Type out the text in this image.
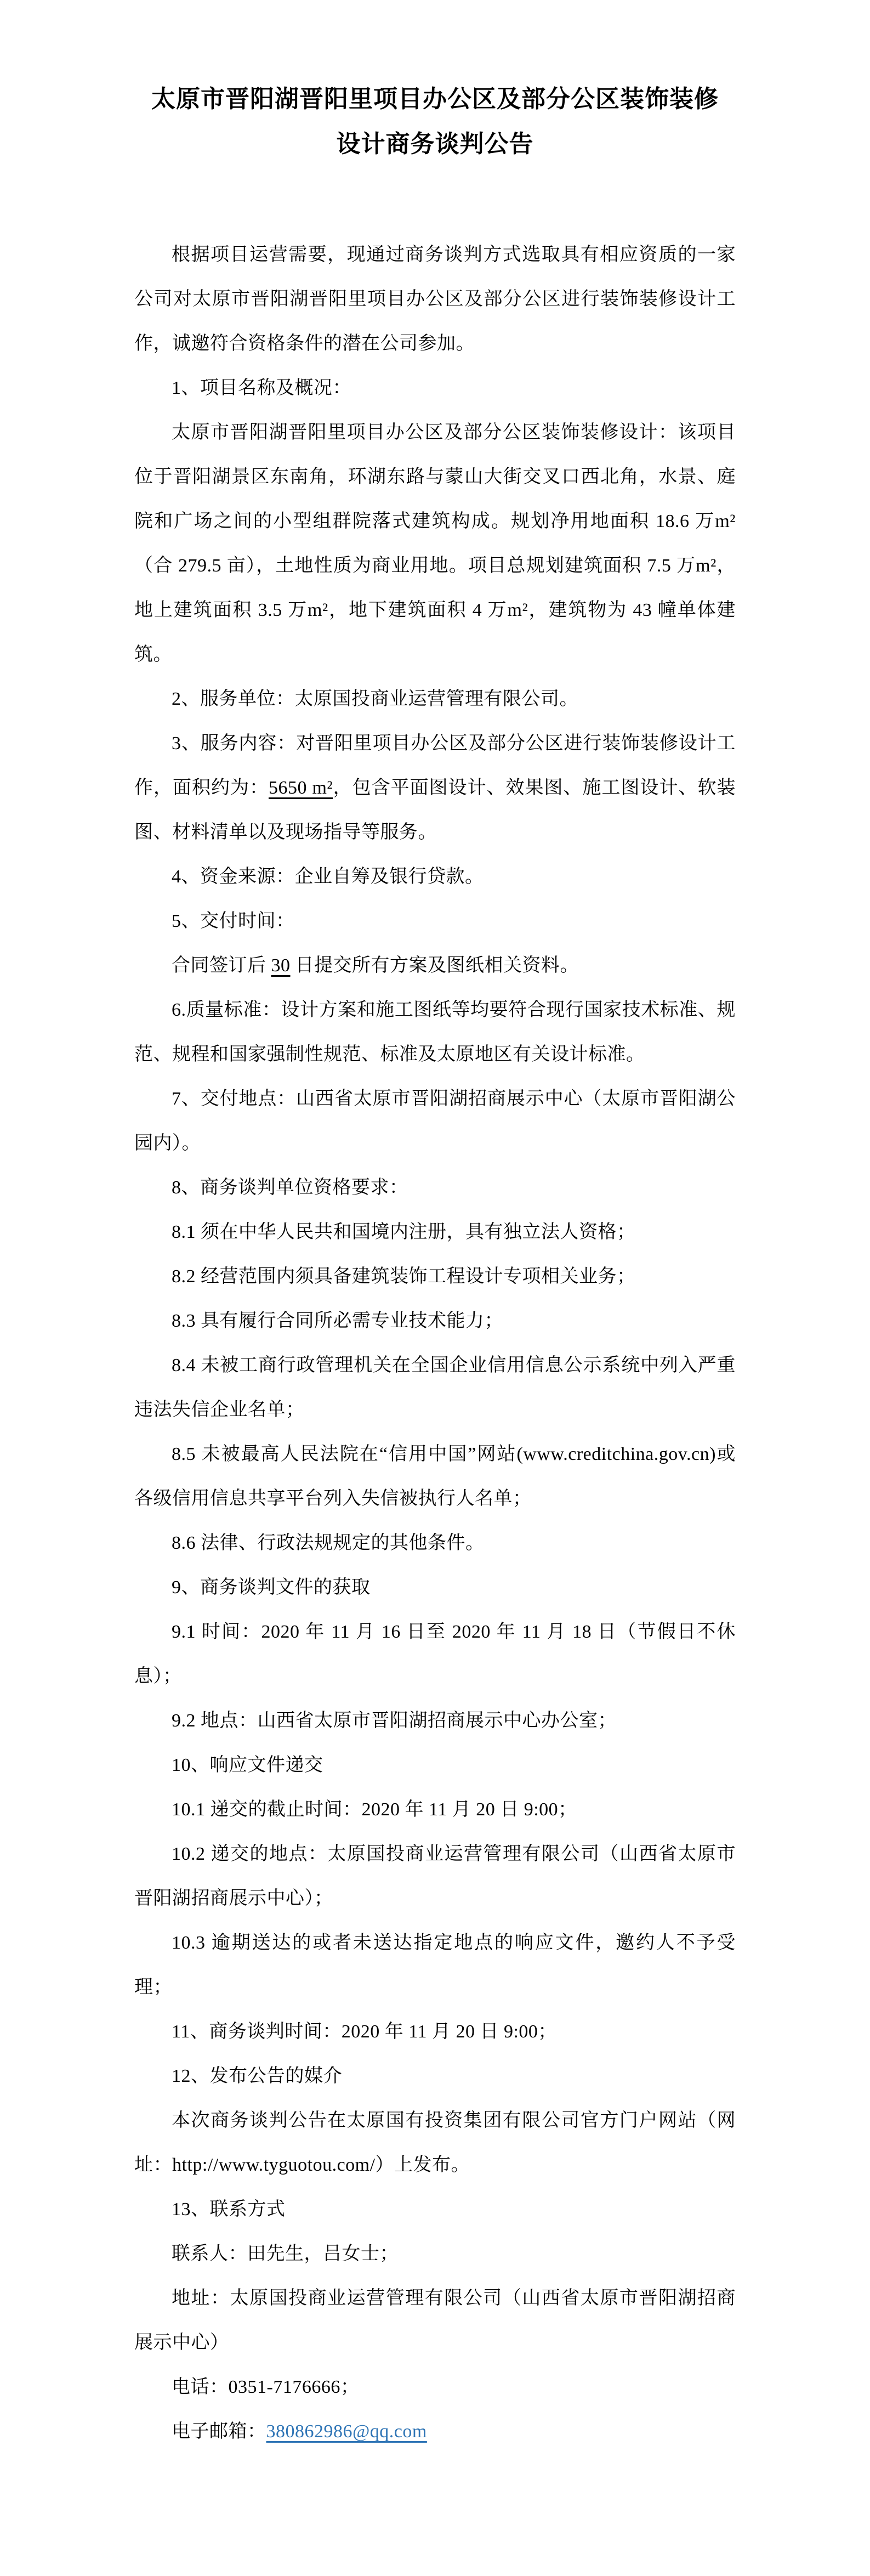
太原市晋阳湖晋阳里项目办公区及部分公区装饰装修设计商务谈判公告

根据项目运营需要，现通过商务谈判方式选取具有相应资质的一家公司对太原市晋阳湖晋阳里项目办公区及部分公区进行装饰装修设计工作，诚邀符合资格条件的潜在公司参加。

1、项目名称及概况：

太原市晋阳湖晋阳里项目办公区及部分公区装饰装修设计：该项目位于晋阳湖景区东南角，环湖东路与蒙山大街交叉口西北角，水景、庭院和广场之间的小型组群院落式建筑构成。规划净用地面积 18.6 万m²（合 279.5 亩），土地性质为商业用地。项目总规划建筑面积 7.5 万m²，地上建筑面积 3.5 万m²，地下建筑面积 4 万m²，建筑物为 43 幢单体建筑。

2、服务单位：太原国投商业运营管理有限公司。

3、服务内容：对晋阳里项目办公区及部分公区进行装饰装修设计工作，面积约为：5650 m²，包含平面图设计、效果图、施工图设计、软装图、材料清单以及现场指导等服务。

4、资金来源：企业自筹及银行贷款。

5、交付时间：

合同签订后 30 日提交所有方案及图纸相关资料。

6.质量标准：设计方案和施工图纸等均要符合现行国家技术标准、规范、规程和国家强制性规范、标准及太原地区有关设计标准。

7、交付地点：山西省太原市晋阳湖招商展示中心（太原市晋阳湖公园内）。

8、商务谈判单位资格要求：

8.1 须在中华人民共和国境内注册，具有独立法人资格；

8.2 经营范围内须具备建筑装饰工程设计专项相关业务；

8.3 具有履行合同所必需专业技术能力；

8.4 未被工商行政管理机关在全国企业信用信息公示系统中列入严重违法失信企业名单；

8.5 未被最高人民法院在“信用中国”网站(www.creditchina.gov.cn)或各级信用信息共享平台列入失信被执行人名单；

8.6 法律、行政法规规定的其他条件。

9、商务谈判文件的获取

9.1 时间：2020 年 11 月 16 日至 2020 年 11 月 18 日（节假日不休息）；

9.2 地点：山西省太原市晋阳湖招商展示中心办公室；

10、响应文件递交

10.1 递交的截止时间：2020 年 11 月 20 日 9:00；

10.2 递交的地点：太原国投商业运营管理有限公司（山西省太原市晋阳湖招商展示中心）；

10.3 逾期送达的或者未送达指定地点的响应文件，邀约人不予受理；

11、商务谈判时间：2020 年 11 月 20 日 9:00；

12、发布公告的媒介

本次商务谈判公告在太原国有投资集团有限公司官方门户网站（网址：http://www.tyguotou.com/）上发布。

13、联系方式

联系人：田先生，吕女士；

地址：太原国投商业运营管理有限公司（山西省太原市晋阳湖招商展示中心）

电话：0351-7176666；

电子邮箱：380862986@qq.com
